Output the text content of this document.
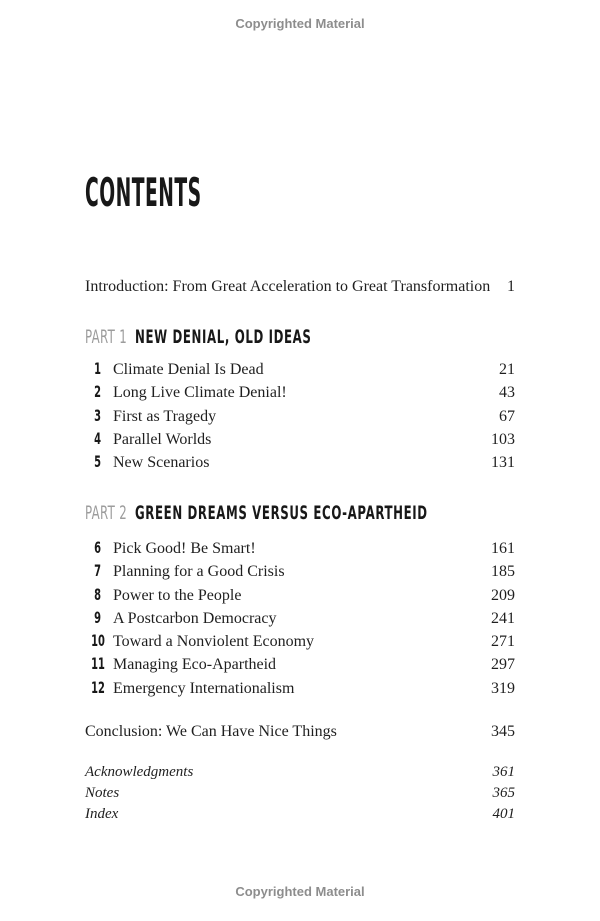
Copyrighted Material
CONTENTS
Introduction: From Great Acceleration to Great Transformation	1
PART 1 NEW DENIAL, OLD IDEAS
1 Climate Denial Is Dead	21
2 Long Live Climate Denial!	43
3 First as Tragedy	67
4 Parallel Worlds	103
5 New Scenarios	131
PART 2 GREEN DREAMS VERSUS ECO-APARTHEID
6 Pick Good! Be Smart!	161
7 Planning for a Good Crisis	185
8 Power to the People	209
9 A Postcarbon Democracy	241
10 Toward a Nonviolent Economy	271
11 Managing Eco-Apartheid	297
12 Emergency Internationalism	319
Conclusion: We Can Have Nice Things	345
Acknowledgments	361
Notes	365
Index	401
Copyrighted Material
